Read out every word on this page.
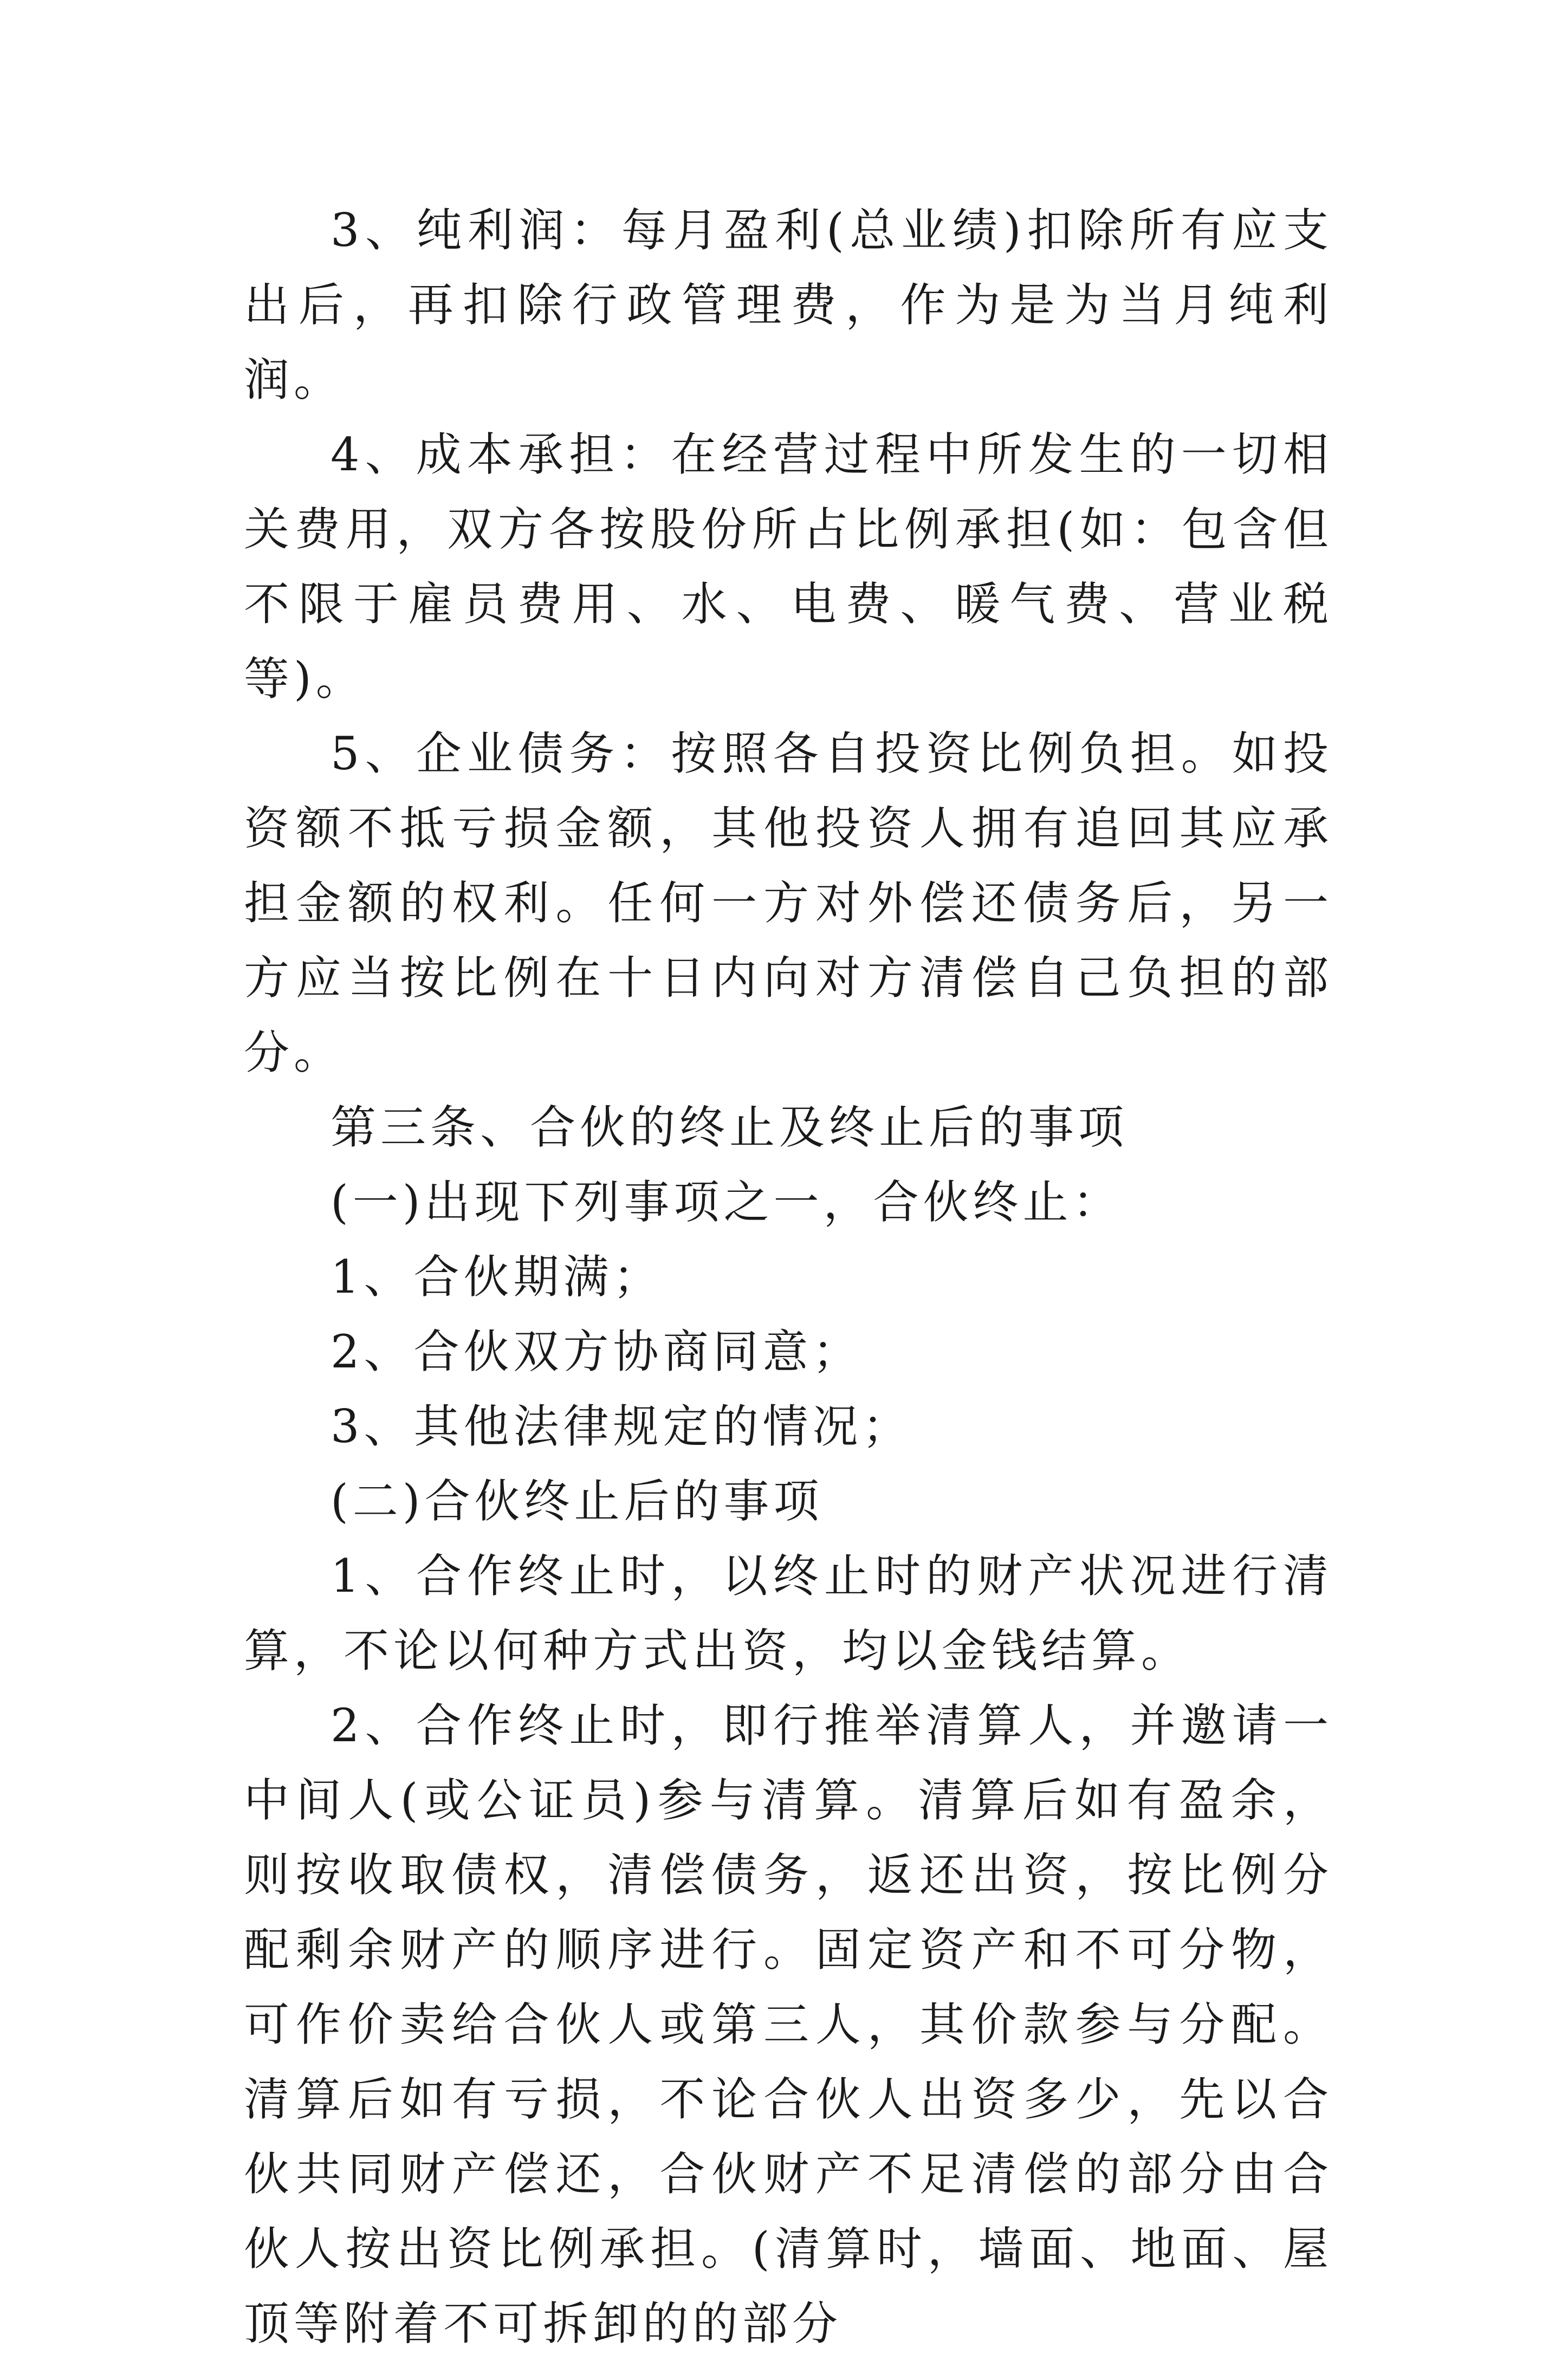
3、纯利润：每月盈利(总业绩)扣除所有应支出后，再扣除行政管理费，作为是为当月纯利润。

4、成本承担：在经营过程中所发生的一切相关费用，双方各按股份所占比例承担(如：包含但不限于雇员费用、水、电费、暖气费、营业税等)。

5、企业债务：按照各自投资比例负担。如投资额不抵亏损金额，其他投资人拥有追回其应承担金额的权利。任何一方对外偿还债务后，另一方应当按比例在十日内向对方清偿自己负担的部分。

第三条、合伙的终止及终止后的事项

(一)出现下列事项之一，合伙终止：

1、合伙期满；

2、合伙双方协商同意；

3、其他法律规定的情况；

(二)合伙终止后的事项

1、合作终止时，以终止时的财产状况进行清算，不论以何种方式出资，均以金钱结算。

2、合作终止时，即行推举清算人，并邀请一中间人(或公证员)参与清算。清算后如有盈余，则按收取债权，清偿债务，返还出资，按比例分配剩余财产的顺序进行。固定资产和不可分物，可作价卖给合伙人或第三人，其价款参与分配。清算后如有亏损，不论合伙人出资多少，先以合伙共同财产偿还，合伙财产不足清偿的部分由合伙人按出资比例承担。(清算时，墙面、地面、屋顶等附着不可拆卸的的部分
